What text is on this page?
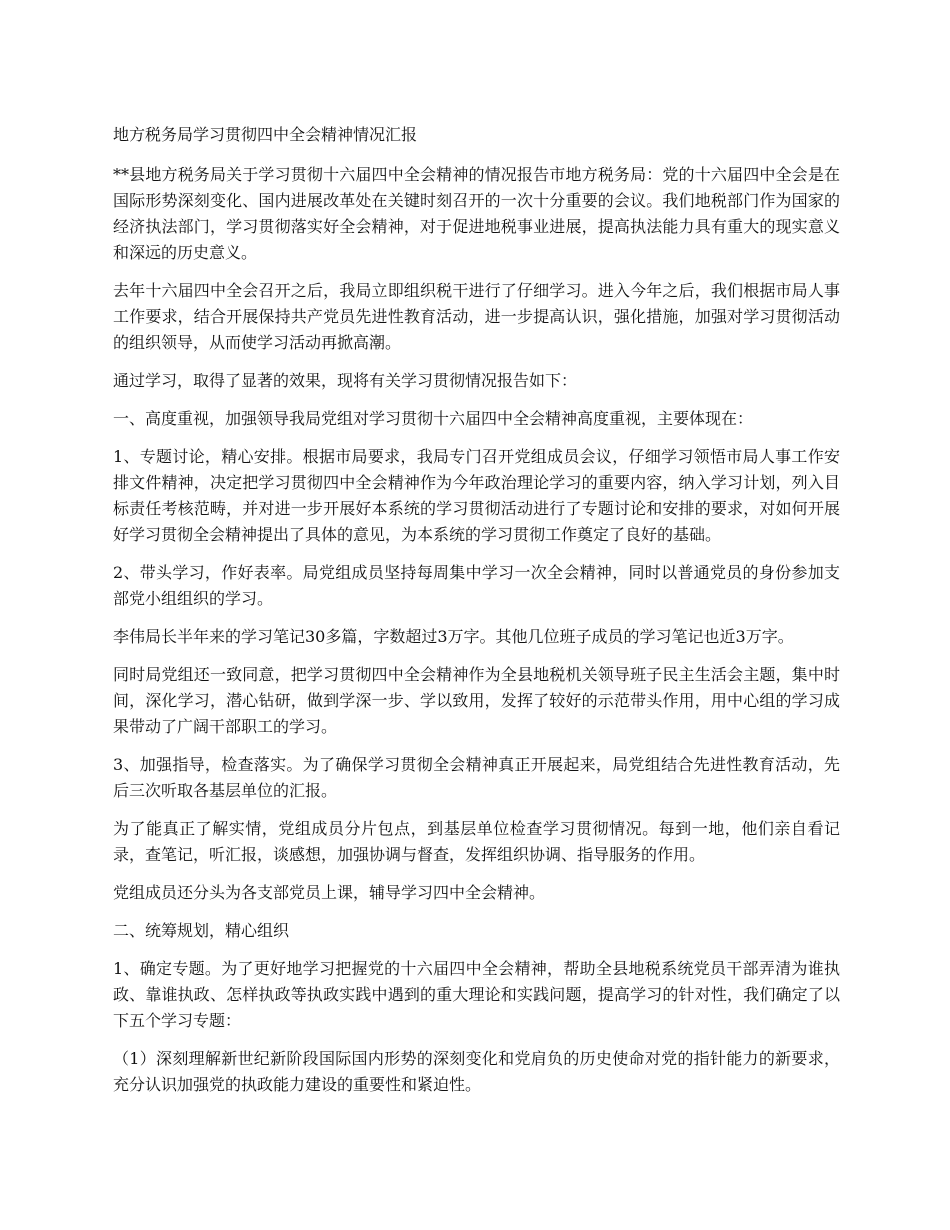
地方税务局学习贯彻四中全会精神情况汇报

**县地方税务局关于学习贯彻十六届四中全会精神的情况报告市地方税务局：党的十六届四中全会是在国际形势深刻变化、国内进展改革处在关键时刻召开的一次十分重要的会议。我们地税部门作为国家的经济执法部门，学习贯彻落实好全会精神，对于促进地税事业进展，提高执法能力具有重大的现实意义和深远的历史意义。

去年十六届四中全会召开之后，我局立即组织税干进行了仔细学习。进入今年之后，我们根据市局人事工作要求，结合开展保持共产党员先进性教育活动，进一步提高认识，强化措施，加强对学习贯彻活动的组织领导，从而使学习活动再掀高潮。

通过学习，取得了显著的效果，现将有关学习贯彻情况报告如下：

一、高度重视，加强领导我局党组对学习贯彻十六届四中全会精神高度重视，主要体现在：

1、专题讨论，精心安排。根据市局要求，我局专门召开党组成员会议，仔细学习领悟市局人事工作安排文件精神，决定把学习贯彻四中全会精神作为今年政治理论学习的重要内容，纳入学习计划，列入目标责任考核范畴，并对进一步开展好本系统的学习贯彻活动进行了专题讨论和安排的要求，对如何开展好学习贯彻全会精神提出了具体的意见，为本系统的学习贯彻工作奠定了良好的基础。

2、带头学习，作好表率。局党组成员坚持每周集中学习一次全会精神，同时以普通党员的身份参加支部党小组组织的学习。

李伟局长半年来的学习笔记30多篇，字数超过3万字。其他几位班子成员的学习笔记也近3万字。

同时局党组还一致同意，把学习贯彻四中全会精神作为全县地税机关领导班子民主生活会主题，集中时间，深化学习，潜心钻研，做到学深一步、学以致用，发挥了较好的示范带头作用，用中心组的学习成果带动了广阔干部职工的学习。

3、加强指导，检查落实。为了确保学习贯彻全会精神真正开展起来，局党组结合先进性教育活动，先后三次听取各基层单位的汇报。

为了能真正了解实情，党组成员分片包点，到基层单位检查学习贯彻情况。每到一地，他们亲自看记录，查笔记，听汇报，谈感想，加强协调与督查，发挥组织协调、指导服务的作用。

党组成员还分头为各支部党员上课，辅导学习四中全会精神。

二、统筹规划，精心组织

1、确定专题。为了更好地学习把握党的十六届四中全会精神，帮助全县地税系统党员干部弄清为谁执政、靠谁执政、怎样执政等执政实践中遇到的重大理论和实践问题，提高学习的针对性，我们确定了以下五个学习专题：

（1）深刻理解新世纪新阶段国际国内形势的深刻变化和党肩负的历史使命对党的指针能力的新要求，充分认识加强党的执政能力建设的重要性和紧迫性。
